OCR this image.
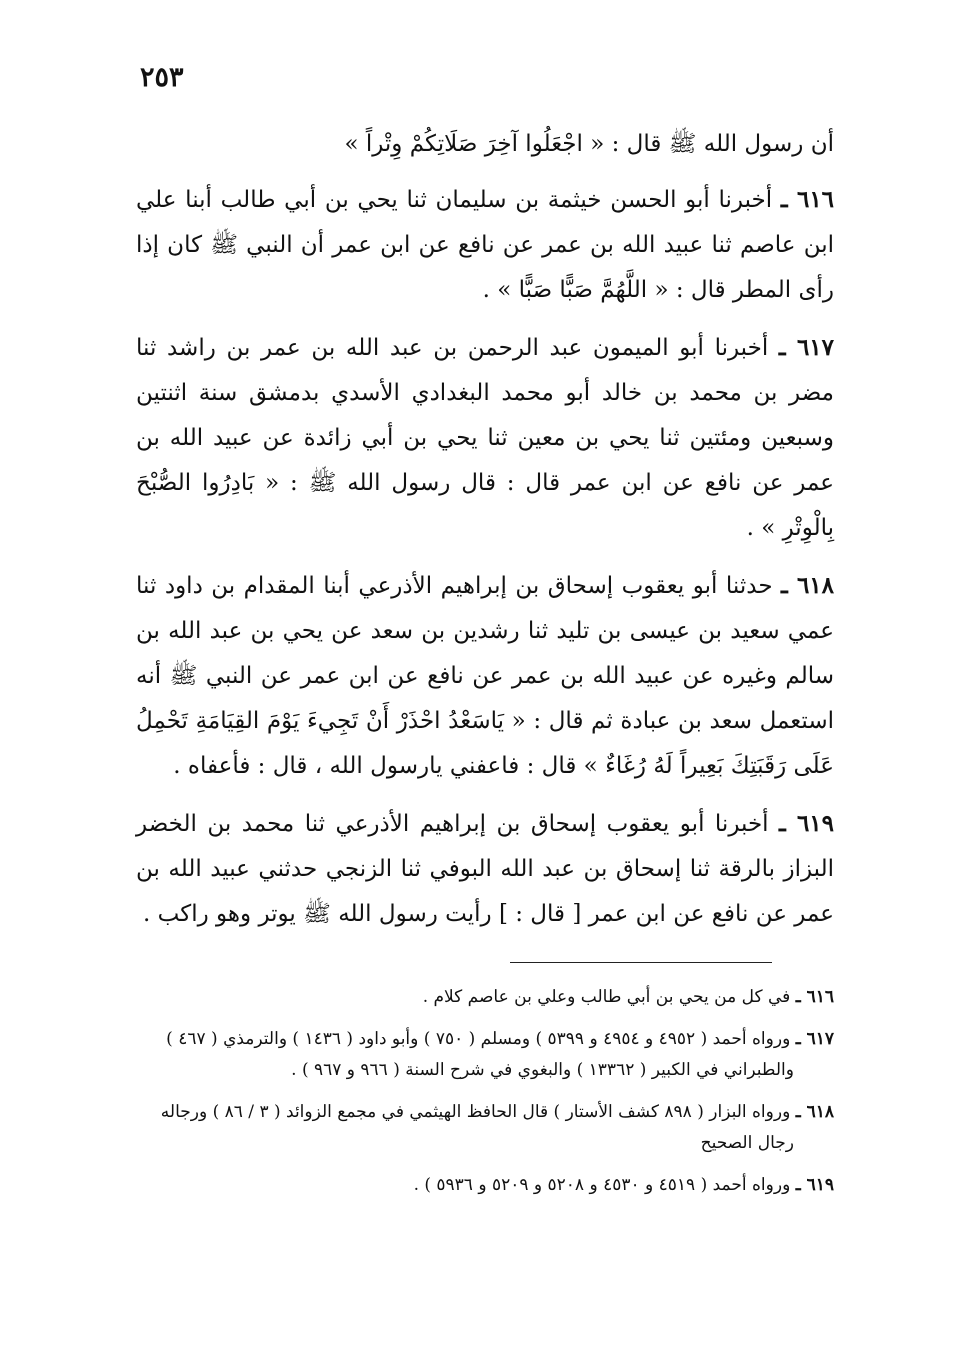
٢٥٣

أن رسول الله ﷺ قال : « اجْعَلُوا آخِرَ صَلَاتِكُمْ وِتْراً »

٦١٦ ـ أخبرنا أبو الحسن خيثمة بن سليمان ثنا يحي بن أبي طالب أبنا علي ابن عاصم ثنا عبيد الله بن عمر عن نافع عن ابن عمر أن النبي ﷺ كان إذا رأى المطر قال : « اللَّهُمَّ صَبًّا صَبًّا » .

٦١٧ ـ أخبرنا أبو الميمون عبد الرحمن بن عبد الله بن عمر بن راشد ثنا مضر بن محمد بن خالد أبو محمد البغدادي الأسدي بدمشق سنة اثنتين وسبعين ومئتين ثنا يحي بن معين ثنا يحي بن أبي زائدة عن عبيد الله بن عمر عن نافع عن ابن عمر قال : قال رسول الله ﷺ : « بَادِرُوا الصُّبْحَ بِالْوِتْرِ » .

٦١٨ ـ حدثنا أبو يعقوب إسحاق بن إبراهيم الأذرعي أبنا المقدام بن داود ثنا عمي سعيد بن عيسى بن تليد ثنا رشدين بن سعد عن يحي بن عبد الله بن سالم وغيره عن عبيد الله بن عمر عن نافع عن ابن عمر عن النبي ﷺ أنه استعمل سعد بن عبادة ثم قال : « يَاسَعْدُ احْذَرْ أَنْ تَجِيءَ يَوْمَ القِيَامَةِ تَحْمِلُ عَلَى رَقَبَتِكَ بَعِيراً لَهُ رُغَاءٌ » قال : فاعفني يارسول الله ، قال : فأعفاه .

٦١٩ ـ أخبرنا أبو يعقوب إسحاق بن إبراهيم الأذرعي ثنا محمد بن الخضر البزاز بالرقة ثنا إسحاق بن عبد الله البوفي ثنا الزنجي حدثني عبيد الله بن عمر عن نافع عن ابن عمر [ قال : ] رأيت رسول الله ﷺ يوتر وهو راكب .

٦١٦ ـ في كل من يحي بن أبي طالب وعلي بن عاصم كلام .

٦١٧ ـ ورواه أحمد ( ٤٩٥٢ و ٤٩٥٤ و ٥٣٩٩ ) ومسلم ( ٧٥٠ ) وأبو داود ( ١٤٣٦ ) والترمذي ( ٤٦٧ )
والطبراني في الكبير ( ١٣٣٦٢ ) والبغوي في شرح السنة ( ٩٦٦ و ٩٦٧ ) .

٦١٨ ـ ورواه البزار ( ٨٩٨ كشف الأستار ) قال الحافظ الهيثمي في مجمع الزوائد ( ٣ / ٨٦ ) ورجاله
رجال الصحيح

٦١٩ ـ ورواه أحمد ( ٤٥١٩ و ٤٥٣٠ و ٥٢٠٨ و ٥٢٠٩ و ٥٩٣٦ ) .
